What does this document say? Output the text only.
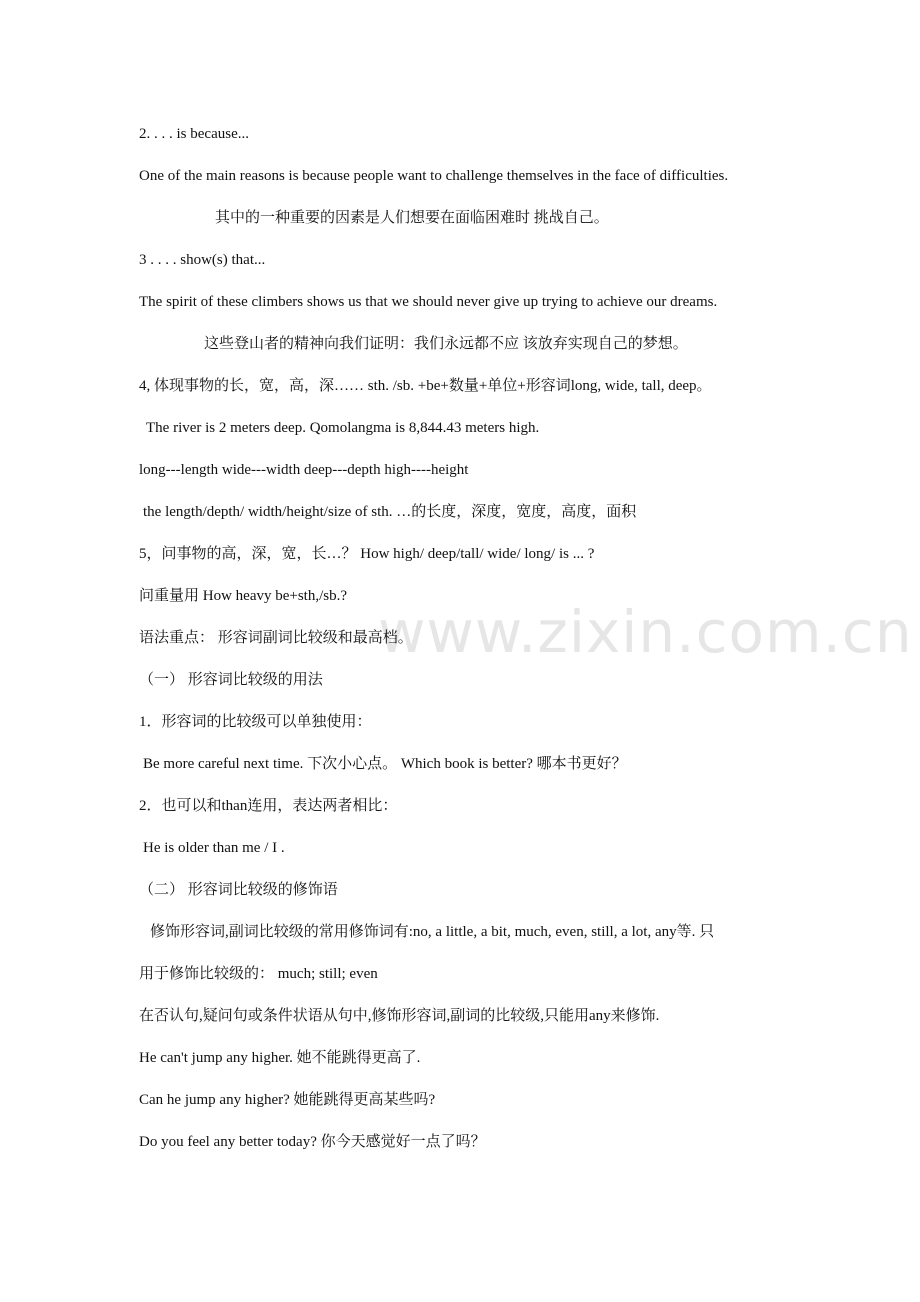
www.zixin.com.cn
2. . . . is because...
One of the main reasons is because people want to challenge themselves in the face of difficulties.
其中的一种重要的因素是人们想要在面临困难时 挑战自己。
3 . . . . show(s) that...
The spirit of these climbers shows us that we should never give up trying to achieve our dreams.
这些登山者的精神向我们证明：我们永远都不应 该放弃实现自己的梦想。
4, 体现事物的长，宽，高，深…… sth. /sb. +be+数量+单位+形容词long, wide, tall, deep。
The river is 2 meters deep. Qomolangma is 8,844.43 meters high.
long---length wide---width deep---depth high----height
the length/depth/ width/height/size of sth. …的长度，深度，宽度，高度，面积
5，问事物的高，深，宽，长…？ How high/ deep/tall/ wide/ long/ is ... ?
问重量用 How heavy be+sth,/sb.?
语法重点： 形容词副词比较级和最高档。
（一） 形容词比较级的用法
1．形容词的比较级可以单独使用：
Be more careful next time. 下次小心点。 Which book is better? 哪本书更好？
2．也可以和than连用，表达两者相比：
He is older than me / I .
（二） 形容词比较级的修饰语
修饰形容词,副词比较级的常用修饰词有:no, a little, a bit, much, even, still, a lot, any等. 只
用于修饰比较级的： much; still; even
在否认句,疑问句或条件状语从句中,修饰形容词,副词的比较级,只能用any来修饰.
He can't jump any higher. 她不能跳得更高了.
Can he jump any higher? 她能跳得更高某些吗?
Do you feel any better today? 你今天感觉好一点了吗？
